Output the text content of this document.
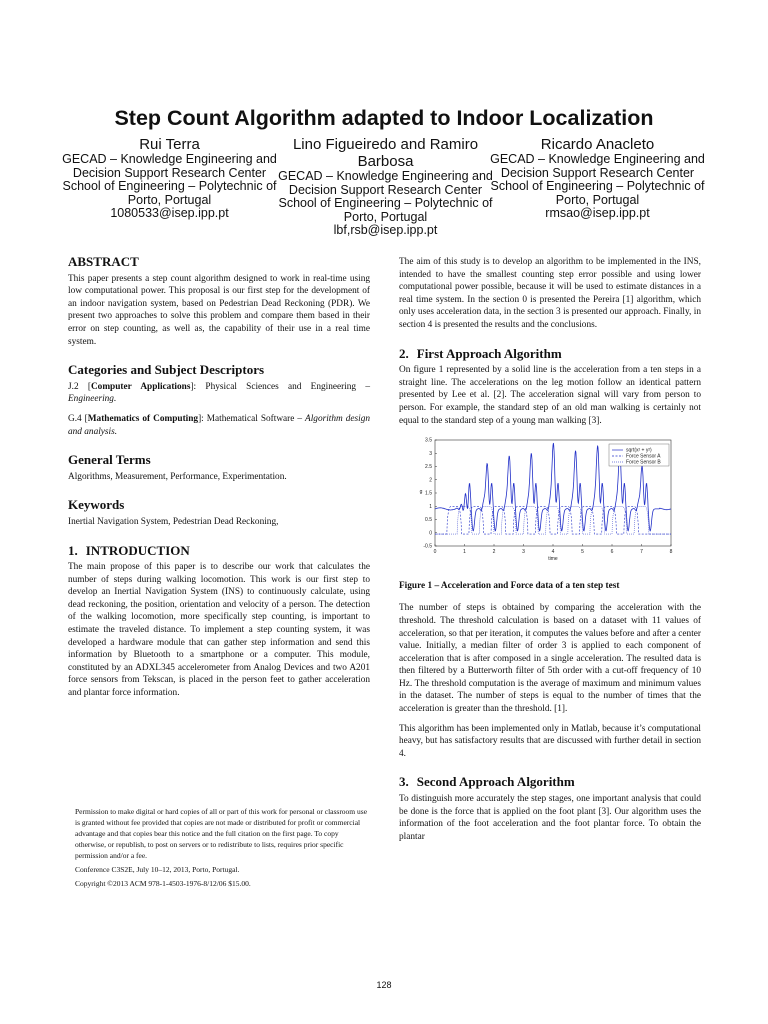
Step Count Algorithm adapted to Indoor Localization
Rui Terra
GECAD – Knowledge Engineering and Decision Support Research Center
School of Engineering – Polytechnic of Porto, Portugal
1080533@isep.ipp.pt
Lino Figueiredo and Ramiro Barbosa
GECAD – Knowledge Engineering and Decision Support Research Center
School of Engineering – Polytechnic of Porto, Portugal
lbf,rsb@isep.ipp.pt
Ricardo Anacleto
GECAD – Knowledge Engineering and Decision Support Research Center
School of Engineering – Polytechnic of Porto, Portugal
rmsao@isep.ipp.pt
ABSTRACT

This paper presents a step count algorithm designed to work in real-time using low computational power. This proposal is our first step for the development of an indoor navigation system, based on Pedestrian Dead Reckoning (PDR). We present two approaches to solve this problem and compare them based in their error on step counting, as well as, the capability of their use in a real time system.

Categories and Subject Descriptors

J.2 [Computer Applications]: Physical Sciences and Engineering – Engineering.

G.4 [Mathematics of Computing]: Mathematical Software – Algorithm design and analysis.

General Terms

Algorithms, Measurement, Performance, Experimentation.

Keywords

Inertial Navigation System, Pedestrian Dead Reckoning,

1. INTRODUCTION

The main propose of this paper is to describe our work that calculates the number of steps during walking locomotion. This work is our first step to develop an Inertial Navigation System (INS) to continuously calculate, using dead reckoning, the position, orientation and velocity of a person. The detection of the walking locomotion, more specifically step counting, is important to estimate the traveled distance. To implement a step counting system, it was developed a hardware module that can gather step information and send this information by Bluetooth to a smartphone or a computer. This module, constituted by an ADXL345 accelerometer from Analog Devices and two A201 force sensors from Tekscan, is placed in the person feet to gather acceleration and plantar force information.

Permission to make digital or hard copies of all or part of this work for personal or classroom use is granted without fee provided that copies are not made or distributed for profit or commercial advantage and that copies bear this notice and the full citation on the first page. To copy otherwise, or republish, to post on servers or to redistribute to lists, requires prior specific permission and/or a fee.

Conference C3S2E, July 10–12, 2013, Porto, Portugal.

Copyright ©2013 ACM 978-1-4503-1976-8/12/06 $15.00.

The aim of this study is to develop an algorithm to be implemented in the INS, intended to have the smallest counting step error possible and using lower computational power possible, because it will be used to estimate distances in a real time system. In the section 0 is presented the Pereira [1] algorithm, which only uses acceleration data, in the section 3 is presented our approach. Finally, in section 4 is presented the results and the conclusions.

2. First Approach Algorithm

On figure 1 represented by a solid line is the acceleration from a ten steps in a straight line. The accelerations on the leg motion follow an identical pattern presented by Lee et al. [2]. The acceleration signal will vary from person to person. For example, the standard step of an old man walking is certainly not equal to the standard step of a young man walking [3].

0	1	2	3	4	5	6	7	8
3.5
3
2.5
2
1.5
1
0.5
0
-0.5
time
g
sqrt(x² + y²)
Force Sensor A
Force Sensor B
Figure 1 – Acceleration and Force data of a ten step test

The number of steps is obtained by comparing the acceleration with the threshold. The threshold calculation is based on a dataset with 11 values of acceleration, so that per iteration, it computes the values before and after a center value. Initially, a median filter of order 3 is applied to each component of acceleration that is after composed in a single acceleration. The resulted data is then filtered by a Butterworth filter of 5th order with a cut-off frequency of 10 Hz. The threshold computation is the average of maximum and minimum values in the dataset. The number of steps is equal to the number of times that the acceleration is greater than the threshold. [1].

This algorithm has been implemented only in Matlab, because it’s computational heavy, but has satisfactory results that are discussed with further detail in section 4.

3. Second Approach Algorithm

To distinguish more accurately the step stages, one important analysis that could be done is the force that is applied on the foot plant [3]. Our algorithm uses the information of the foot acceleration and the foot plantar force. To obtain the plantar

128
